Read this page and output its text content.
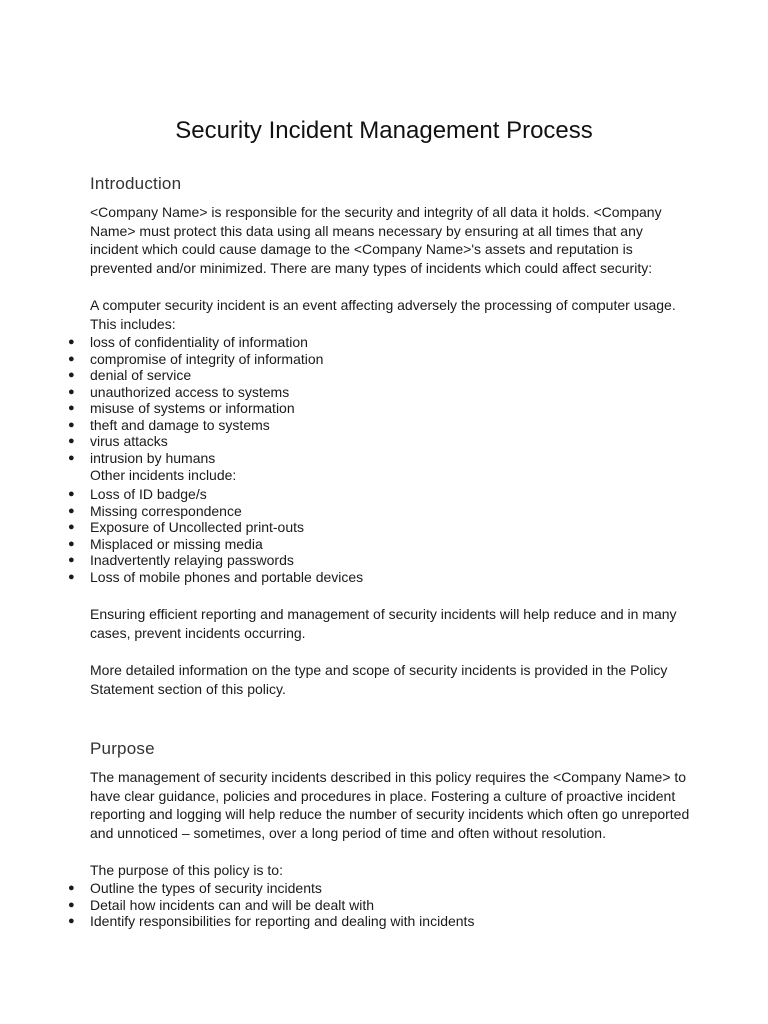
Security Incident Management Process
Introduction

<Company Name> is responsible for the security and integrity of all data it holds. <Company Name> must protect this data using all means necessary by ensuring at all times that any incident which could cause damage to the <Company Name>'s assets and reputation is prevented and/or minimized. There are many types of incidents which could affect security:

A computer security incident is an event affecting adversely the processing of computer usage. This includes:

● loss of confidentiality of information
● compromise of integrity of information
● denial of service
● unauthorized access to systems
● misuse of systems or information
● theft and damage to systems
● virus attacks
● intrusion by humans

Other incidents include:

● Loss of ID badge/s
● Missing correspondence
● Exposure of Uncollected print-outs
● Misplaced or missing media
● Inadvertently relaying passwords
● Loss of mobile phones and portable devices

Ensuring efficient reporting and management of security incidents will help reduce and in many cases, prevent incidents occurring.

More detailed information on the type and scope of security incidents is provided in the Policy Statement section of this policy.

Purpose

The management of security incidents described in this policy requires the <Company Name> to have clear guidance, policies and procedures in place. Fostering a culture of proactive incident reporting and logging will help reduce the number of security incidents which often go unreported and unnoticed – sometimes, over a long period of time and often without resolution.

The purpose of this policy is to:

● Outline the types of security incidents
● Detail how incidents can and will be dealt with
● Identify responsibilities for reporting and dealing with incidents
